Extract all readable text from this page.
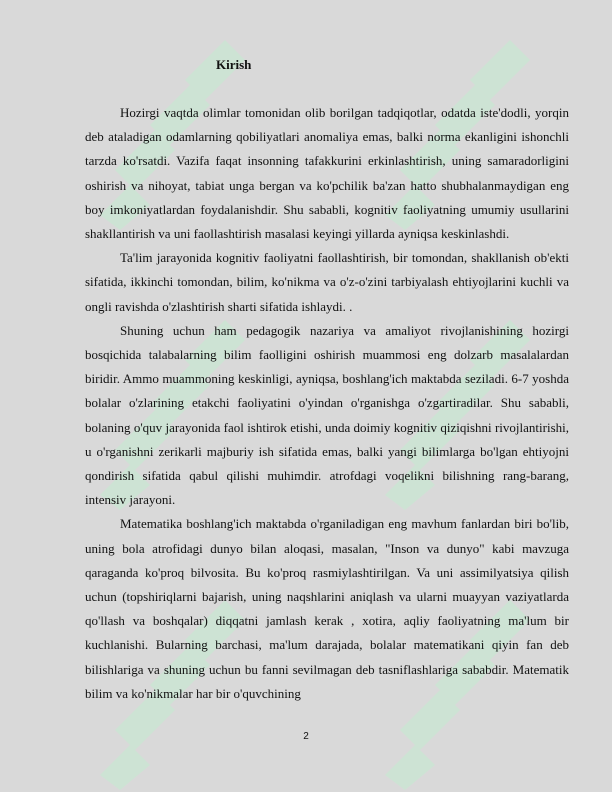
Kirish

Hozirgi vaqtda olimlar tomonidan olib borilgan tadqiqotlar, odatda iste'dodli, yorqin deb ataladigan odamlarning qobiliyatlari anomaliya emas, balki norma ekanligini ishonchli tarzda ko'rsatdi. Vazifa faqat insonning tafakkurini erkinlashtirish, uning samaradorligini oshirish va nihoyat, tabiat unga bergan va ko'pchilik ba'zan hatto shubhalanmaydigan eng boy imkoniyatlardan foydalanishdir. Shu sababli, kognitiv faoliyatning umumiy usullarini shakllantirish va uni faollashtirish masalasi keyingi yillarda ayniqsa keskinlashdi.

Ta'lim jarayonida kognitiv faoliyatni faollashtirish, bir tomondan, shakllanish ob'ekti sifatida, ikkinchi tomondan, bilim, ko'nikma va o'z-o'zini tarbiyalash ehtiyojlarini kuchli va ongli ravishda o'zlashtirish sharti sifatida ishlaydi. .

Shuning uchun ham pedagogik nazariya va amaliyot rivojlanishining hozirgi bosqichida talabalarning bilim faolligini oshirish muammosi eng dolzarb masalalardan biridir. Ammo muammoning keskinligi, ayniqsa, boshlang'ich maktabda seziladi. 6-7 yoshda bolalar o'zlarining etakchi faoliyatini o'yindan o'rganishga o'zgartiradilar. Shu sababli, bolaning o'quv jarayonida faol ishtirok etishi, unda doimiy kognitiv qiziqishni rivojlantirishi, u o'rganishni zerikarli majburiy ish sifatida emas, balki yangi bilimlarga bo'lgan ehtiyojni qondirish sifatida qabul qilishi muhimdir. atrofdagi voqelikni bilishning rang-barang, intensiv jarayoni.

Matematika boshlang'ich maktabda o'rganiladigan eng mavhum fanlardan biri bo'lib, uning bola atrofidagi dunyo bilan aloqasi, masalan, "Inson va dunyo" kabi mavzuga qaraganda ko'proq bilvosita. Bu ko'proq rasmiylashtirilgan. Va uni assimilyatsiya qilish uchun (topshiriqlarni bajarish, uning naqshlarini aniqlash va ularni muayyan vaziyatlarda qo'llash va boshqalar) diqqatni jamlash kerak , xotira, aqliy faoliyatning ma'lum bir kuchlanishi. Bularning barchasi, ma'lum darajada, bolalar matematikani qiyin fan deb bilishlariga va shuning uchun bu fanni sevilmagan deb tasniflashlariga sababdir. Matematik bilim va ko'nikmalar har bir o'quvchining

2
